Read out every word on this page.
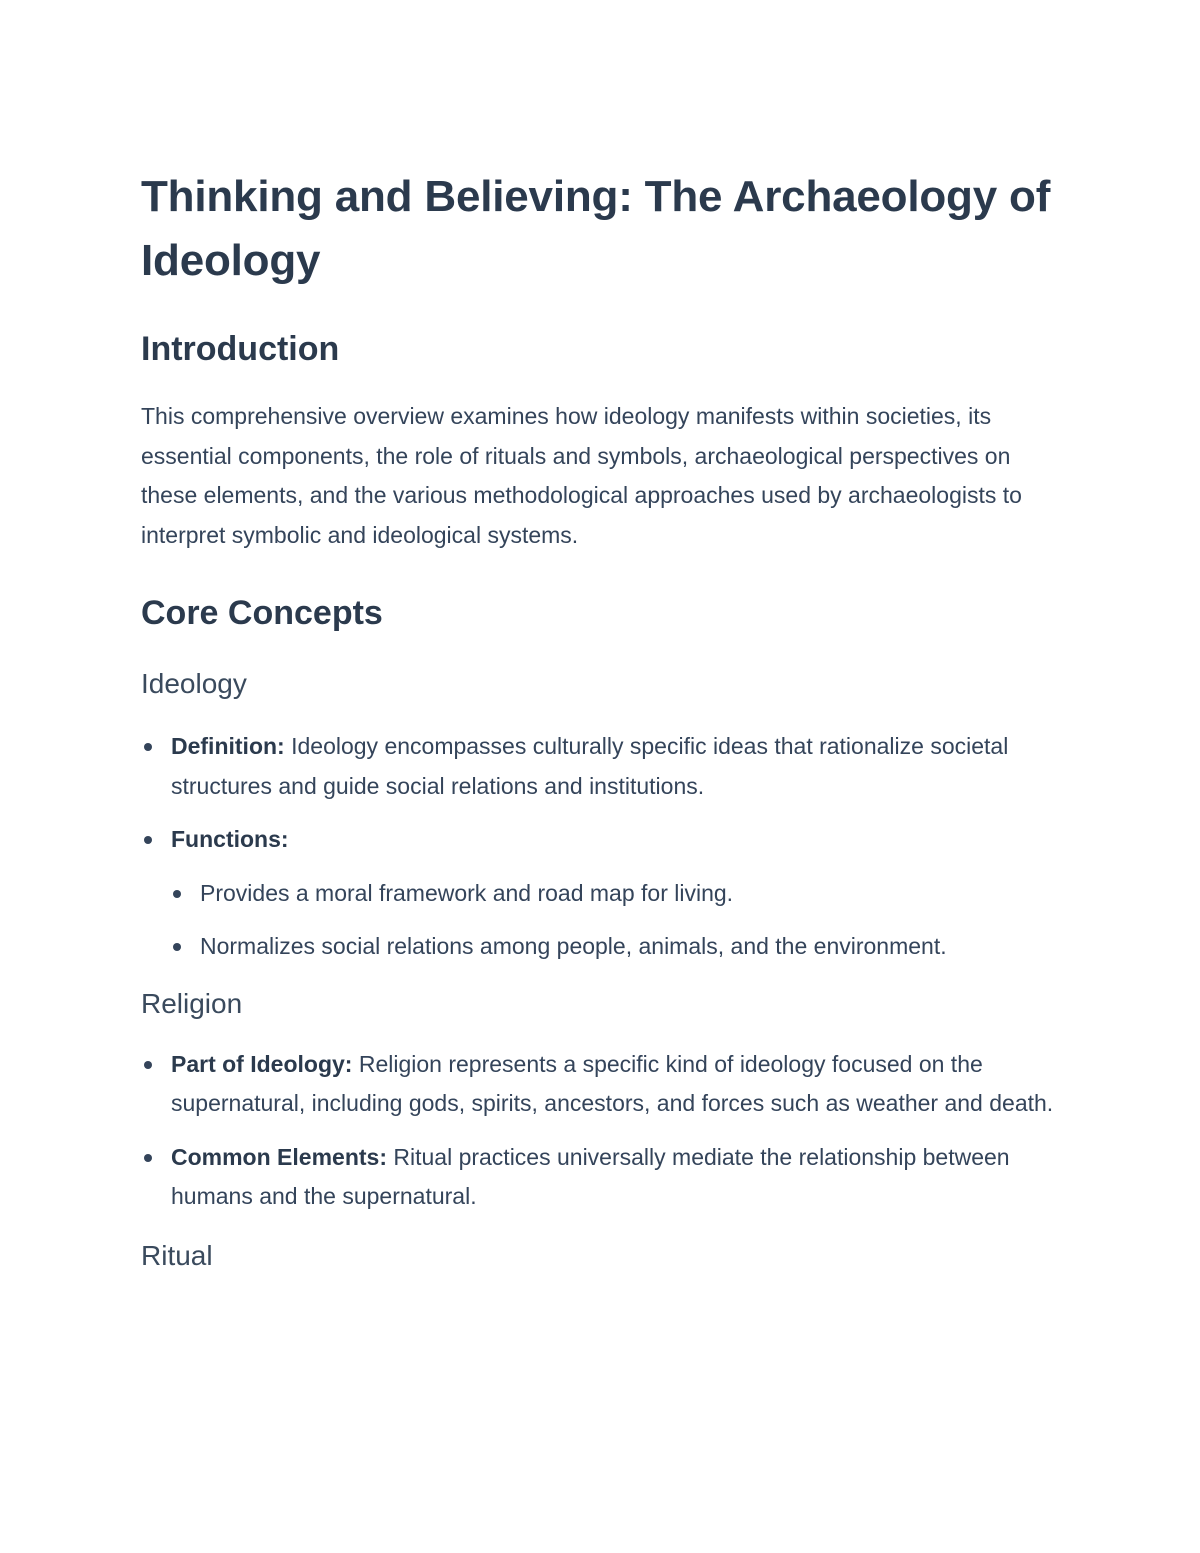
Thinking and Believing: The Archaeology of Ideology
Introduction

This comprehensive overview examines how ideology manifests within societies, its essential components, the role of rituals and symbols, archaeological perspectives on these elements, and the various methodological approaches used by archaeologists to interpret symbolic and ideological systems.

Core Concepts
Ideology
Definition: Ideology encompasses culturally specific ideas that rationalize societal structures and guide social relations and institutions.
Functions:
Provides a moral framework and road map for living.
Normalizes social relations among people, animals, and the environment.
Religion
Part of Ideology: Religion represents a specific kind of ideology focused on the supernatural, including gods, spirits, ancestors, and forces such as weather and death.
Common Elements: Ritual practices universally mediate the relationship between humans and the supernatural.
Ritual
